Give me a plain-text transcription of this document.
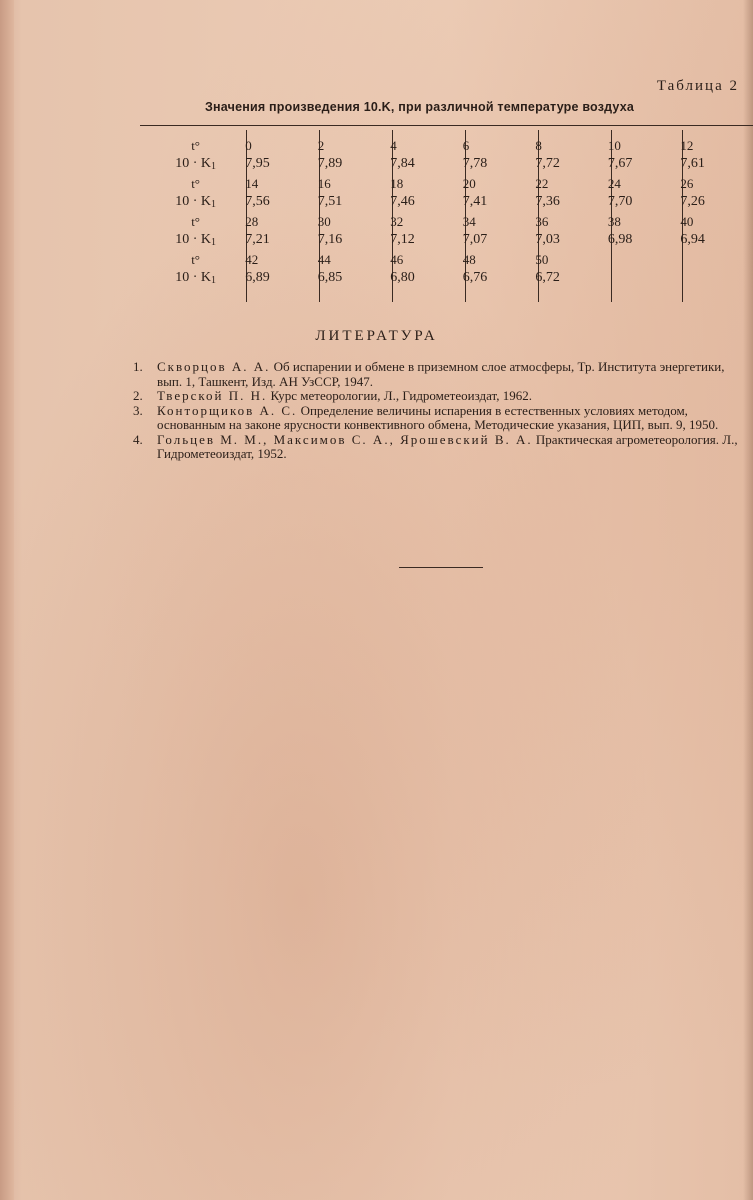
Таблица 2
Значения произведения 10.K, при различной температуре воздуха
t°	0	2	4	6	8	10	12
$10 \cdot K_1$	7,95	7,89	7,84	7,78	7,72	7,67	7,61
t°	14	16	18	20	22	24	26
$10 \cdot K_1$	7,56	7,51	7,46	7,41	7,36	7,70	7,26
t°	28	30	32	34	36	38	40
$10 \cdot K_1$	7,21	7,16	7,12	7,07	7,03	6,98	6,94
t°	42	44	46	48	50		
$10 \cdot K_1$	6,89	6,85	6,80	6,76	6,72		
ЛИТЕРАТУРА
1. Скворцов А. А. Об испарении и обмене в приземном слое атмосферы, Тр. Института энергетики, вып. 1, Ташкент, Изд. АН УзССР, 1947.
2. Тверской П. Н. Курс метеорологии, Л., Гидрометеоиздат, 1962.
3. Конторщиков А. С. Определение величины испарения в естественных условиях методом, основанным на законе ярусности конвективного обмена, Методические указания, ЦИП, вып. 9, 1950.
4. Гольцев М. М., Максимов С. А., Ярошевский В. А. Практическая агрометеорология. Л., Гидрометеоиздат, 1952.
